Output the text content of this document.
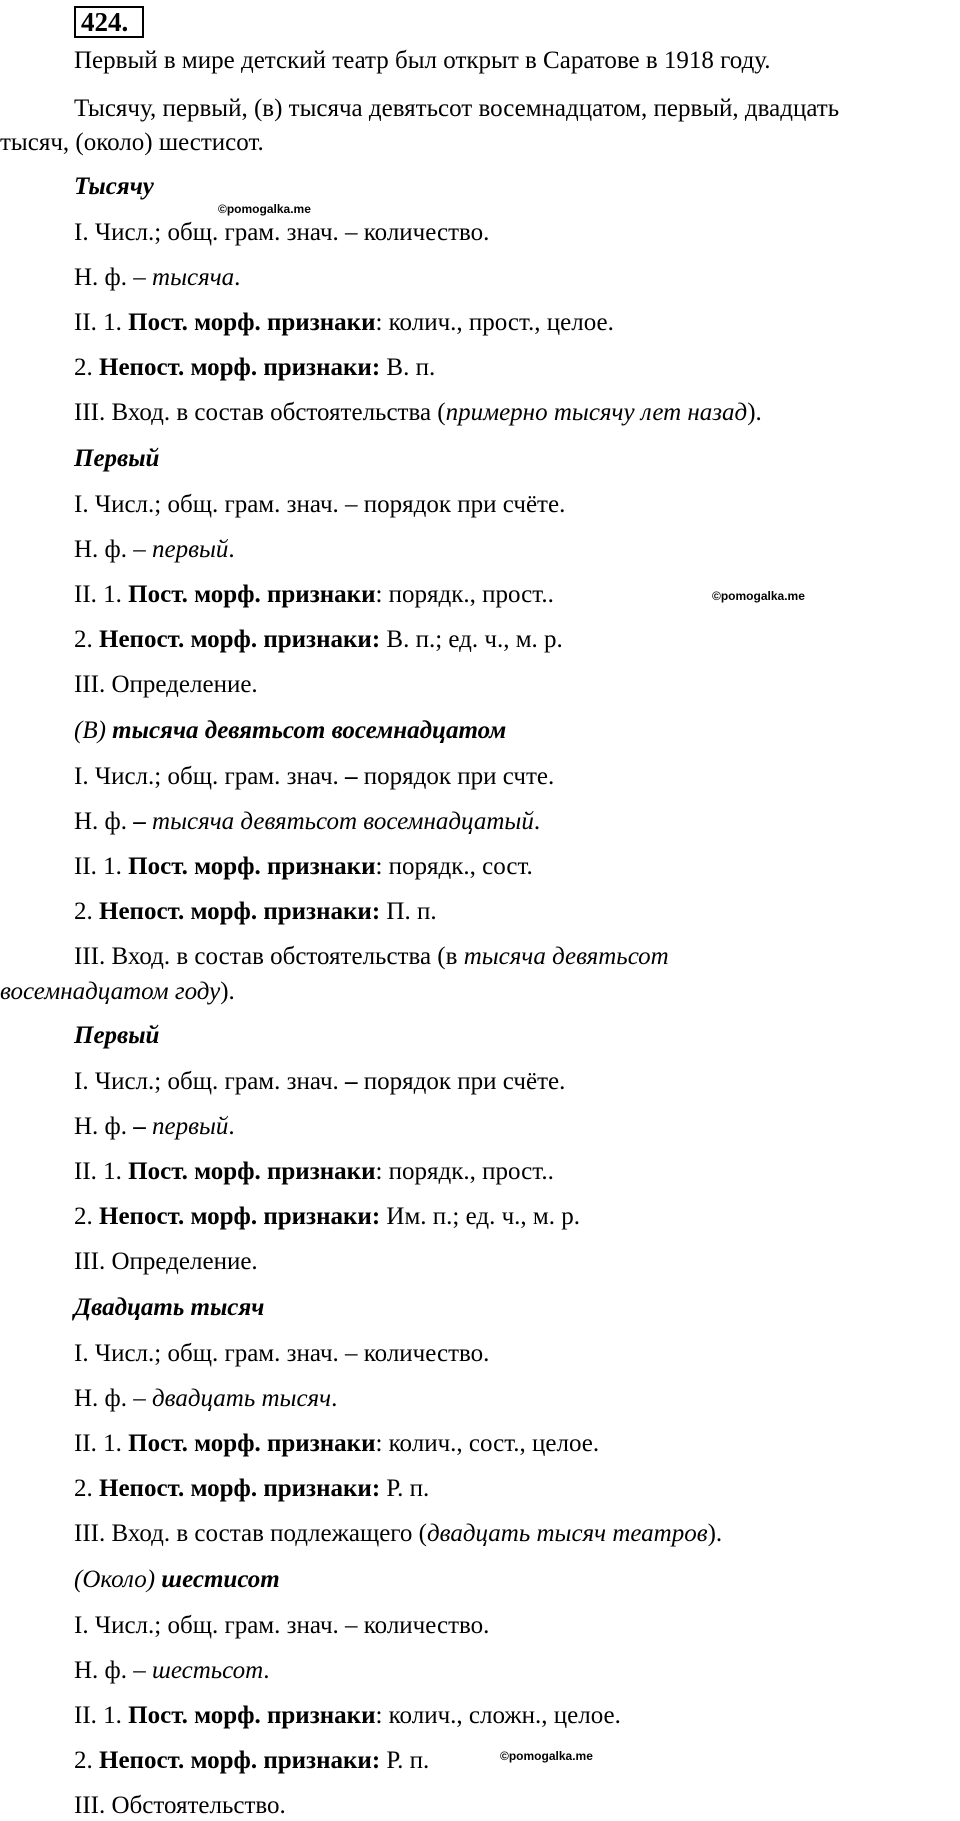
424.
Первый в мире детский театр был открыт в Саратове в 1918 году.
Тысячу, первый, (в) тысяча девятьсот восемнадцатом, первый, двадцать
тысяч, (около) шестисот.
Тысячу
©pomogalka.me
I. Числ.; общ. грам. знач. – количество.
Н. ф. – тысяча.
II. 1. Пост. морф. признаки: колич., прост., целое.
2. Непост. морф. признаки: В. п.
III. Вход. в состав обстоятельства (примерно тысячу лет назад).
Первый
I. Числ.; общ. грам. знач. – порядок при счёте.
Н. ф. – первый.
II. 1. Пост. морф. признаки: порядк., прост..	©pomogalka.me
2. Непост. морф. признаки: В. п.; ед. ч., м. р.
III. Определение.
(В) тысяча девятьсот восемнадцатом
I. Числ.; общ. грам. знач. – порядок при счте.
Н. ф. – тысяча девятьсот восемнадцатый.
II. 1. Пост. морф. признаки: порядк., сост.
2. Непост. морф. признаки: П. п.
III. Вход. в состав обстоятельства (в тысяча девятьсот
восемнадцатом году).
Первый
I. Числ.; общ. грам. знач. – порядок при счёте.
Н. ф. – первый.
II. 1. Пост. морф. признаки: порядк., прост..
2. Непост. морф. признаки: Им. п.; ед. ч., м. р.
III. Определение.
Двадцать тысяч
I. Числ.; общ. грам. знач. – количество.
Н. ф. – двадцать тысяч.
II. 1. Пост. морф. признаки: колич., сост., целое.
2. Непост. морф. признаки: Р. п.
III. Вход. в состав подлежащего (двадцать тысяч театров).
(Около) шестисот
I. Числ.; общ. грам. знач. – количество.
Н. ф. – шестьсот.
II. 1. Пост. морф. признаки: колич., сложн., целое.
2. Непост. морф. признаки: Р. п.	©pomogalka.me
III. Обстоятельство.
